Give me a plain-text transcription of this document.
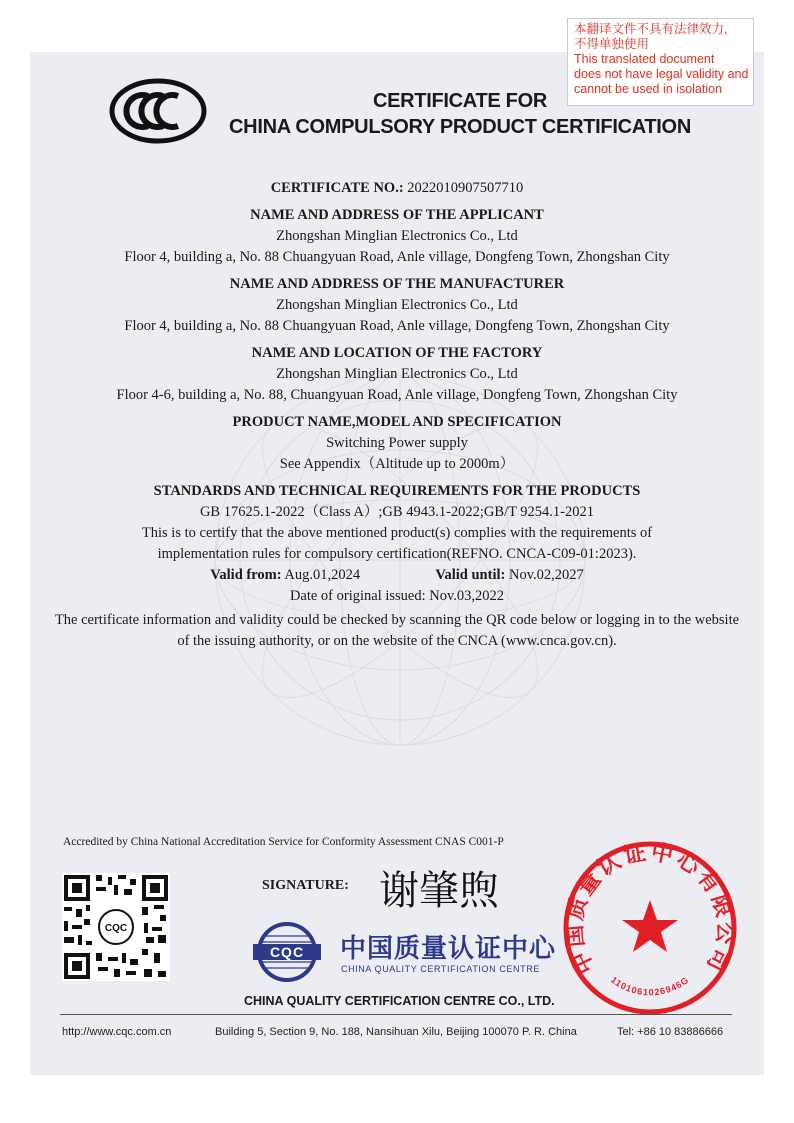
本翻译文件不具有法律效力,
不得单独使用
This translated document
does not have legal validity and
cannot be used in isolation
CERTIFICATE FOR
CHINA COMPULSORY PRODUCT CERTIFICATION
CERTIFICATE NO.: 2022010907507710
NAME AND ADDRESS OF THE APPLICANT
Zhongshan Minglian Electronics Co., Ltd
Floor 4, building a, No. 88 Chuangyuan Road, Anle village, Dongfeng Town, Zhongshan City
NAME AND ADDRESS OF THE MANUFACTURER
Zhongshan Minglian Electronics Co., Ltd
Floor 4, building a, No. 88 Chuangyuan Road, Anle village, Dongfeng Town, Zhongshan City
NAME AND LOCATION OF THE FACTORY
Zhongshan Minglian Electronics Co., Ltd
Floor 4-6, building a, No. 88, Chuangyuan Road, Anle village, Dongfeng Town, Zhongshan City
PRODUCT NAME,MODEL AND SPECIFICATION
Switching Power supply
See Appendix（Altitude up to 2000m）
STANDARDS AND TECHNICAL REQUIREMENTS FOR THE PRODUCTS
GB 17625.1-2022（Class A）;GB 4943.1-2022;GB/T 9254.1-2021
This is to certify that the above mentioned product(s) complies with the requirements of implementation rules for compulsory certification(REFNO. CNCA-C09-01:2023).
Valid from: Aug.01,2024	Valid until: Nov.02,2027
Date of original issued: Nov.03,2022
The certificate information and validity could be checked by scanning the QR code below or logging in to the website of the issuing authority, or on the website of the CNCA (www.cnca.gov.cn).
Accredited by China National Accreditation Service for Conformity Assessment CNAS C001-P
CQC
SIGNATURE: 谢肇煦
CQC 中国质量认证中心
CHINA QUALITY CERTIFICATION CENTRE 中国质量认证中心有限公司
1101061026946G
CHINA QUALITY CERTIFICATION CENTRE CO., LTD.
http://www.cqc.com.cn	Building 5, Section 9, No. 188, Nansihuan Xilu, Beijing 100070 P. R. China	Tel: +86 10 83886666
